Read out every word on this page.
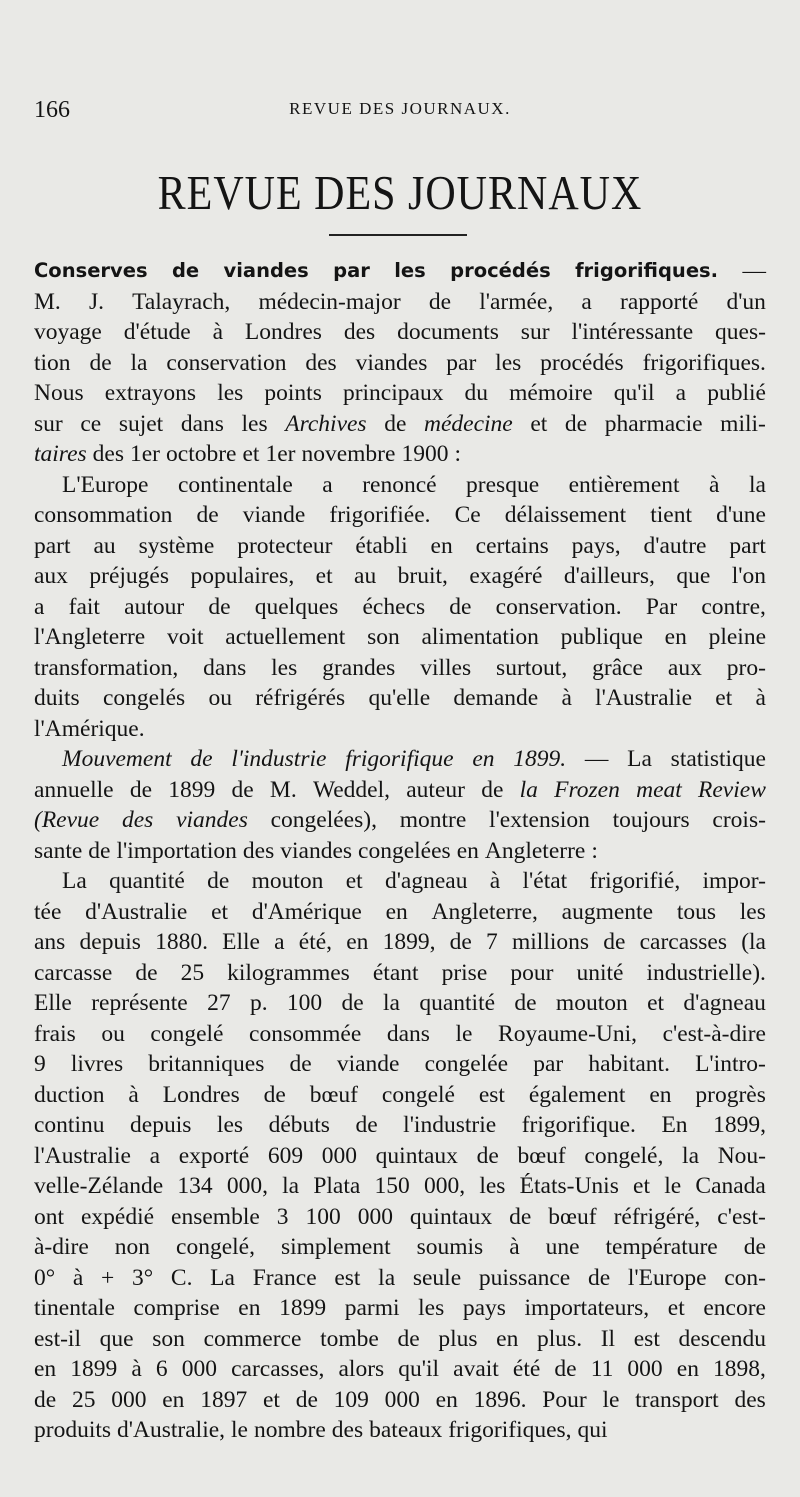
166	REVUE DES JOURNAUX.
REVUE DES JOURNAUX
Conserves de viandes par les procédés frigorifiques. —
M. J. Talayrach, médecin-major de l'armée, a rapporté d'un
voyage d'étude à Londres des documents sur l'intéressante ques-
tion de la conservation des viandes par les procédés frigorifiques.
Nous extrayons les points principaux du mémoire qu'il a publié
sur ce sujet dans les Archives de médecine et de pharmacie mili-
taires des 1er octobre et 1er novembre 1900 :
L'Europe continentale a renoncé presque entièrement à la
consommation de viande frigorifiée. Ce délaissement tient d'une
part au système protecteur établi en certains pays, d'autre part
aux préjugés populaires, et au bruit, exagéré d'ailleurs, que l'on
a fait autour de quelques échecs de conservation. Par contre,
l'Angleterre voit actuellement son alimentation publique en pleine
transformation, dans les grandes villes surtout, grâce aux pro-
duits congelés ou réfrigérés qu'elle demande à l'Australie et à
l'Amérique.
Mouvement de l'industrie frigorifique en 1899. — La statistique
annuelle de 1899 de M. Weddel, auteur de la Frozen meat Review
(Revue des viandes congelées), montre l'extension toujours crois-
sante de l'importation des viandes congelées en Angleterre :
La quantité de mouton et d'agneau à l'état frigorifié, impor-
tée d'Australie et d'Amérique en Angleterre, augmente tous les
ans depuis 1880. Elle a été, en 1899, de 7 millions de carcasses (la
carcasse de 25 kilogrammes étant prise pour unité industrielle).
Elle représente 27 p. 100 de la quantité de mouton et d'agneau
frais ou congelé consommée dans le Royaume-Uni, c'est-à-dire
9 livres britanniques de viande congelée par habitant. L'intro-
duction à Londres de bœuf congelé est également en progrès
continu depuis les débuts de l'industrie frigorifique. En 1899,
l'Australie a exporté 609 000 quintaux de bœuf congelé, la Nou-
velle-Zélande 134 000, la Plata 150 000, les États-Unis et le Canada
ont expédié ensemble 3 100 000 quintaux de bœuf réfrigéré, c'est-
à-dire non congelé, simplement soumis à une température de
0° à + 3° C. La France est la seule puissance de l'Europe con-
tinentale comprise en 1899 parmi les pays importateurs, et encore
est-il que son commerce tombe de plus en plus. Il est descendu
en 1899 à 6 000 carcasses, alors qu'il avait été de 11 000 en 1898,
de 25 000 en 1897 et de 109 000 en 1896. Pour le transport des
produits d'Australie, le nombre des bateaux frigorifiques, qui
